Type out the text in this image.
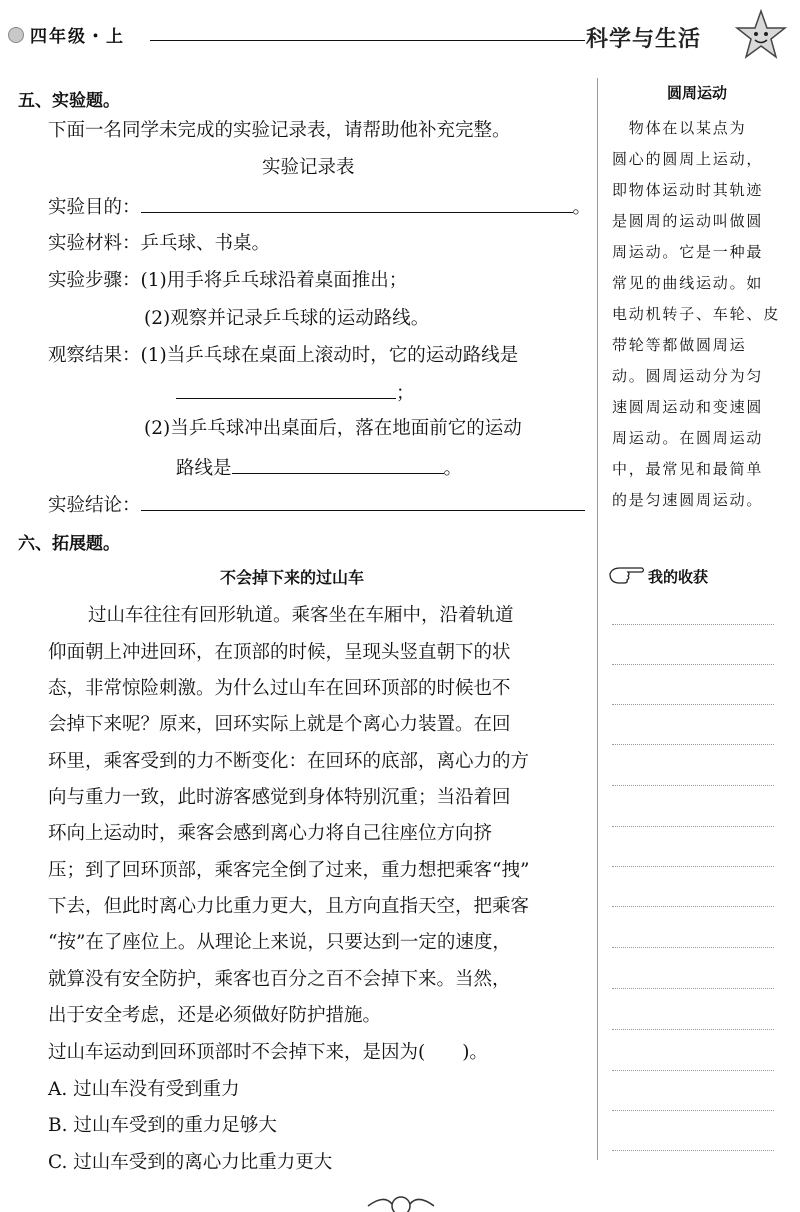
四年级・上	科学与生活
五、实验题。
下面一名同学未完成的实验记录表，请帮助他补充完整。
实验记录表
实验目的：	。
实验材料：乒乓球、书桌。
实验步骤：(1)用手将乒乓球沿着桌面推出；
(2)观察并记录乒乓球的运动路线。
观察结果：(1)当乒乓球在桌面上滚动时，它的运动路线是
；
(2)当乒乓球冲出桌面后，落在地面前它的运动
路线是	。
实验结论：
六、拓展题。
不会掉下来的过山车
过山车往往有回形轨道。乘客坐在车厢中，沿着轨道
仰面朝上冲进回环，在顶部的时候，呈现头竖直朝下的状
态，非常惊险刺激。为什么过山车在回环顶部的时候也不
会掉下来呢？原来，回环实际上就是个离心力装置。在回
环里，乘客受到的力不断变化：在回环的底部，离心力的方
向与重力一致，此时游客感觉到身体特别沉重；当沿着回
环向上运动时，乘客会感到离心力将自己往座位方向挤
压；到了回环顶部，乘客完全倒了过来，重力想把乘客“拽”
下去，但此时离心力比重力更大，且方向直指天空，把乘客
“按”在了座位上。从理论上来说，只要达到一定的速度，
就算没有安全防护，乘客也百分之百不会掉下来。当然，
出于安全考虑，还是必须做好防护措施。
过山车运动到回环顶部时不会掉下来，是因为(　　)。
A. 过山车没有受到重力
B. 过山车受到的重力足够大
C. 过山车受到的离心力比重力更大
圆周运动
　物体在以某点为
圆心的圆周上运动，
即物体运动时其轨迹
是圆周的运动叫做圆
周运动。它是一种最
常见的曲线运动。如
电动机转子、车轮、皮
带轮等都做圆周运
动。圆周运动分为匀
速圆周运动和变速圆
周运动。在圆周运动
中，最常见和最简单
的是匀速圆周运动。
我的收获
